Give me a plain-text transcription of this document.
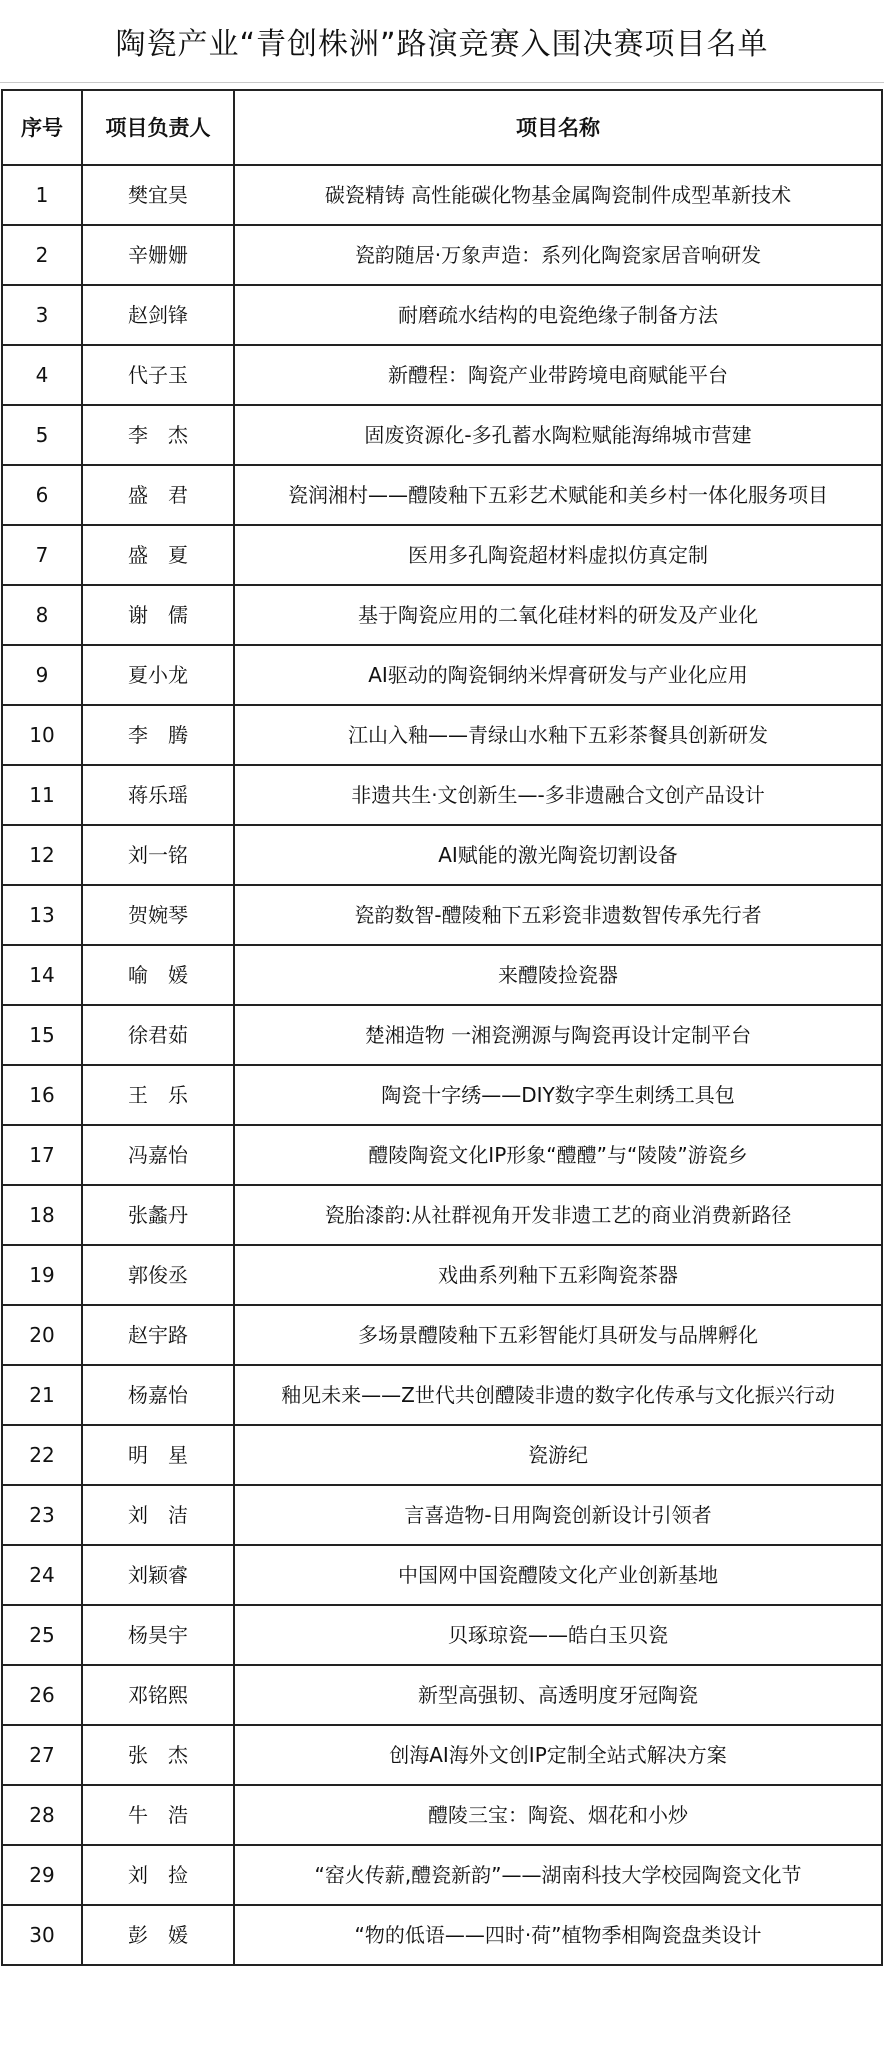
陶瓷产业“青创株洲”路演竞赛入围决赛项目名单
序号	项目负责人	项目名称
1	樊宜昊	碳瓷精铸 高性能碳化物基金属陶瓷制件成型革新技术
2	辛姗姗	瓷韵随居·万象声造：系列化陶瓷家居音响研发
3	赵剑锋	耐磨疏水结构的电瓷绝缘子制备方法
4	代子玉	新醴程：陶瓷产业带跨境电商赋能平台
5	李　杰	固废资源化-多孔蓄水陶粒赋能海绵城市营建
6	盛　君	瓷润湘村——醴陵釉下五彩艺术赋能和美乡村一体化服务项目
7	盛　夏	医用多孔陶瓷超材料虚拟仿真定制
8	谢　儒	基于陶瓷应用的二氧化硅材料的研发及产业化
9	夏小龙	AI驱动的陶瓷铜纳米焊膏研发与产业化应用
10	李　腾	江山入釉——青绿山水釉下五彩茶餐具创新研发
11	蒋乐瑶	非遗共生·文创新生—-多非遗融合文创产品设计
12	刘一铭	AI赋能的激光陶瓷切割设备
13	贺婉琴	瓷韵数智-醴陵釉下五彩瓷非遗数智传承先行者
14	喻　媛	来醴陵捡瓷器
15	徐君茹	楚湘造物 一湘瓷溯源与陶瓷再设计定制平台
16	王　乐	陶瓷十字绣——DIY数字孪生刺绣工具包
17	冯嘉怡	醴陵陶瓷文化IP形象“醴醴”与“陵陵”游瓷乡
18	张蠡丹	瓷胎漆韵:从社群视角开发非遗工艺的商业消费新路径
19	郭俊丞	戏曲系列釉下五彩陶瓷茶器
20	赵宇路	多场景醴陵釉下五彩智能灯具研发与品牌孵化
21	杨嘉怡	釉见未来——Z世代共创醴陵非遗的数字化传承与文化振兴行动
22	明　星	瓷游纪
23	刘　洁	言喜造物-日用陶瓷创新设计引领者
24	刘颖睿	中国网中国瓷醴陵文化产业创新基地
25	杨昊宇	贝琢琼瓷——皓白玉贝瓷
26	邓铭熙	新型高强韧、高透明度牙冠陶瓷
27	张　杰	创海AI海外文创IP定制全站式解决方案
28	牛　浩	醴陵三宝：陶瓷、烟花和小炒
29	刘　捡	“窑火传薪,醴瓷新韵”——湖南科技大学校园陶瓷文化节
30	彭　媛	“物的低语——四时·荷”植物季相陶瓷盘类设计
